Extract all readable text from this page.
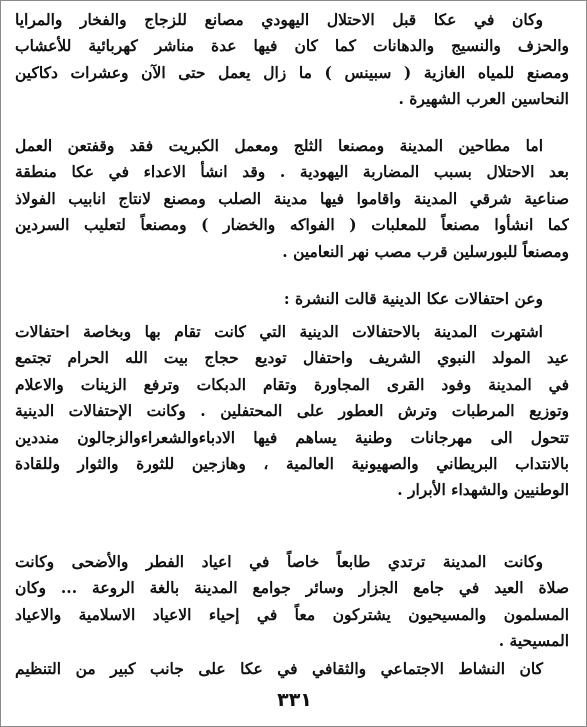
وكان في عكا قبل الاحتلال اليهودي مصانع للزجاج والفخار والمرايا
والحزف والنسيج والدهانات كما كان فيها عدة مناشر كهربائية للأعشاب
ومصنع للمياه الغازية ( سبينس ) ما زال يعمل حتى الآن وعشرات دكاكين
النحاسين العرب الشهيرة .
اما مطاحين المدينة ومصنعا الثلج ومعمل الكبريت فقد وقفتعن العمل
بعد الاحتلال بسبب المضاربة اليهودية . وقد انشأ الاعداء في عكا منطقة
صناعية شرقي المدينة واقاموا فيها مدينة الصلب ومصنع لانتاج انابيب الفولاذ
كما انشأوا مصنعاً للمعلبات ( الفواكه والخضار ) ومصنعاً لتعليب السردين
ومصنعاً للبورسلين قرب مصب نهر النعامين .
وعن احتفالات عكا الدينية قالت النشرة :
اشتهرت المدينة بالاحتفالات الدينية التي كانت تقام بها وبخاصة احتفالات
عيد المولد النبوي الشريف واحتفال توديع حجاج بيت الله الحرام تجتمع
في المدينة وفود القرى المجاورة وتقام الدبكات وترفع الزينات والاعلام
وتوزيع المرطبات وترش العطور على المحتفلين . وكانت الإحتفالات الدينية
تتحول الى مهرجانات وطنية يساهم فيها الادباءوالشعراءوالزجالون منددين
بالانتداب البريطاني والصهيونية العالمية ، وهازجين للثورة والثوار وللقادة
الوطنيين والشهداء الأبرار .
وكانت المدينة ترتدي طابعاً خاصاً في اعياد الفطر والأضحى وكانت
صلاة العيد في جامع الجزار وسائر جوامع المدينة بالغة الروعة ... وكان
المسلمون والمسيحيون يشتركون معاً في إحياء الاعياد الاسلامية والاعياد
المسيحية .
كان النشاط الاجتماعي والثقافي في عكا على جانب كبير من التنظيم
٣٣١
